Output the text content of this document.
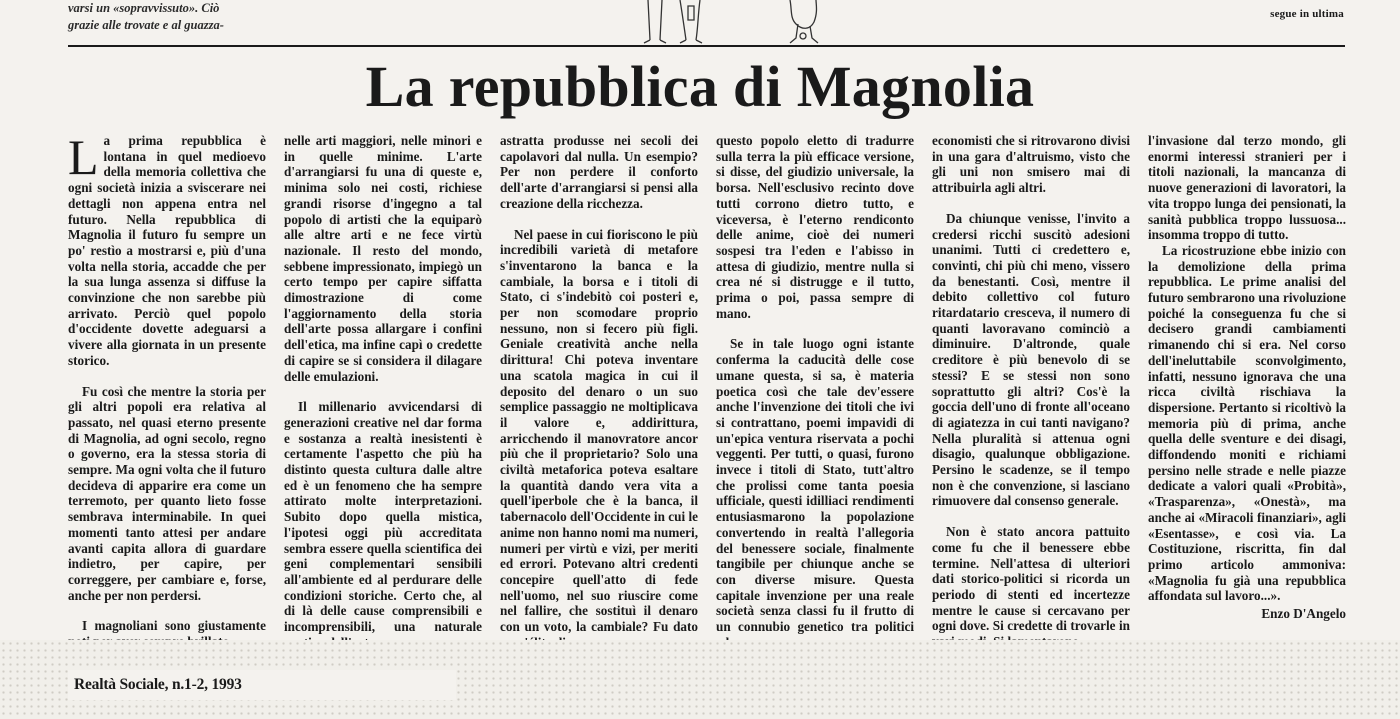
varsi un «sopravvissuto». Ciò
grazie alle trovate e al guazza-
segue in ultima
La repubblica di Magnolia

La prima repubblica è lontana in quel medioevo della memoria collettiva che ogni società inizia a sviscerare nei dettagli non appena entra nel futuro. Nella repubblica di Magnolia il futuro fu sempre un po' restìo a mostrarsi e, più d'una volta nella storia, accadde che per la sua lunga assenza si diffuse la convinzione che non sarebbe più arrivato. Perciò quel popolo d'occidente dovette adeguarsi a vivere alla giornata in un presente storico.

Fu così che mentre la storia per gli altri popoli era relativa al passato, nel quasi eterno presente di Magnolia, ad ogni secolo, regno o governo, era la stessa storia di sempre. Ma ogni volta che il futuro decideva di apparire era come un terremoto, per quanto lieto fosse sembrava interminabile. In quei momenti tanto attesi per andare avanti capita allora di guardare indietro, per capire, per correggere, per cambiare e, forse, anche per non perdersi.

I magnoliani sono giustamente

nelle arti maggiori, nelle minori e in quelle minime. L'arte d'arrangiarsi fu una di queste e, minima solo nei costi, richiese grandi risorse d'ingegno a tal popolo di artisti che la equiparò alle altre arti e ne fece virtù nazionale. Il resto del mondo, sebbene impressionato, impiegò un certo tempo per capire siffatta dimostrazione di come l'aggiornamento della storia dell'arte possa allargare i confini dell'etica, ma infine capì o credette di capire se si considera il dilagare delle emulazioni.

Il millenario avvicendarsi di generazioni creative nel dar forma e sostanza a realtà inesistenti è certamente l'aspetto che più ha distinto questa cultura dalle altre ed è un fenomeno che ha sempre attirato molte interpretazioni. Subito dopo quella mistica, l'ipotesi oggi più accreditata sembra essere quella scientifica dei geni complementari sensibili all'ambiente ed al perdurare delle condizioni storiche. Certo che, al di là delle cause comprensibili e incomprensibili, una naturale

astratta produsse nei secoli dei capolavori dal nulla. Un esempio? Per non perdere il conforto dell'arte d'arrangiarsi si pensi alla creazione della ricchezza.

Nel paese in cui fioriscono le più incredibili varietà di metafore s'inventarono la banca e la cambiale, la borsa e i titoli di Stato, ci s'indebitò coi posteri e, per non scomodare proprio nessuno, non si fecero più figli. Geniale creatività anche nella dirittura! Chi poteva inventare una scatola magica in cui il deposito del denaro o un suo semplice passaggio ne moltiplicava il valore e, addirittura, arricchendo il manovratore ancor più che il proprietario? Solo una civiltà metaforica poteva esaltare la quantità dando vera vita a quell'iperbole che è la banca, il tabernacolo dell'Occidente in cui le anime non hanno nomi ma numeri, numeri per virtù e vizi, per meriti ed errori. Potevano altri credenti concepire quell'atto di fede nell'uomo, nel suo riuscire come nel fallire, che sostituì il denaro con un voto, la cambiale? Fu dato

questo popolo eletto di tradurre sulla terra la più efficace versione, si disse, del giudizio universale, la borsa. Nell'esclusivo recinto dove tutti corrono dietro tutto, e viceversa, è l'eterno rendiconto delle anime, cioè dei numeri sospesi tra l'eden e l'abisso in attesa di giudizio, mentre nulla si crea né si distrugge e il tutto, prima o poi, passa sempre di mano.

Se in tale luogo ogni istante conferma la caducità delle cose umane questa, si sa, è materia poetica così che tale dev'essere anche l'invenzione dei titoli che ivi si contrattano, poemi impavidi di un'epica ventura riservata a pochi veggenti. Per tutti, o quasi, furono invece i titoli di Stato, tutt'altro che prolissi come tanta poesia ufficiale, questi idilliaci rendimenti entusiasmarono la popolazione convertendo in realtà l'allegoria del benessere sociale, finalmente tangibile per chiunque anche se con diverse misure. Questa capitale invenzione per una reale società senza classi fu il frutto di un connubio genetico tra politici

economisti che si ritrovarono divisi in una gara d'altruismo, visto che gli uni non smisero mai di attribuirla agli altri.

Da chiunque venisse, l'invito a credersi ricchi suscitò adesioni unanimi. Tutti ci credettero e, convinti, chi più chi meno, vissero da benestanti. Così, mentre il debito collettivo col futuro ritardatario cresceva, il numero di quanti lavoravano cominciò a diminuire. D'altronde, quale creditore è più benevolo di se stessi? E se stessi non sono soprattutto gli altri? Cos'è la goccia dell'uno di fronte all'oceano di agiatezza in cui tanti navigano? Nella pluralità si attenua ogni disagio, qualunque obbligazione. Persino le scadenze, se il tempo non è che convenzione, si lasciano rimuovere dal consenso generale.

Non è stato ancora pattuito come fu che il benessere ebbe termine. Nell'attesa di ulteriori dati storico-politici si ricorda un periodo di stenti ed incertezze mentre le cause si cercavano per ogni dove. Si credette di trovarle in

l'invasione dal terzo mondo, gli enormi interessi stranieri per i titoli nazionali, la mancanza di nuove generazioni di lavoratori, la vita troppo lunga dei pensionati, la sanità pubblica troppo lussuosa... insomma troppo di tutto.

La ricostruzione ebbe inizio con la demolizione della prima repubblica. Le prime analisi del futuro sembrarono una rivoluzione poiché la conseguenza fu che si decisero grandi cambiamenti rimanendo chi si era. Nel corso dell'ineluttabile sconvolgimento, infatti, nessuno ignorava che una ricca civiltà rischiava la dispersione. Pertanto si ricoltivò la memoria più di prima, anche quella delle sventure e dei disagi, diffondendo moniti e richiami persino nelle strade e nelle piazze dedicate a valori quali «Probità», «Trasparenza», «Onestà», ma anche ai «Miracoli finanziari», agli «Esentasse», e così via. La Costituzione, riscritta, fin dal primo articolo ammoniva: «Magnolia fu già una repubblica affondata sul lavoro...».

Enzo D'Angelo
Realtà Sociale, n.1-2, 1993
